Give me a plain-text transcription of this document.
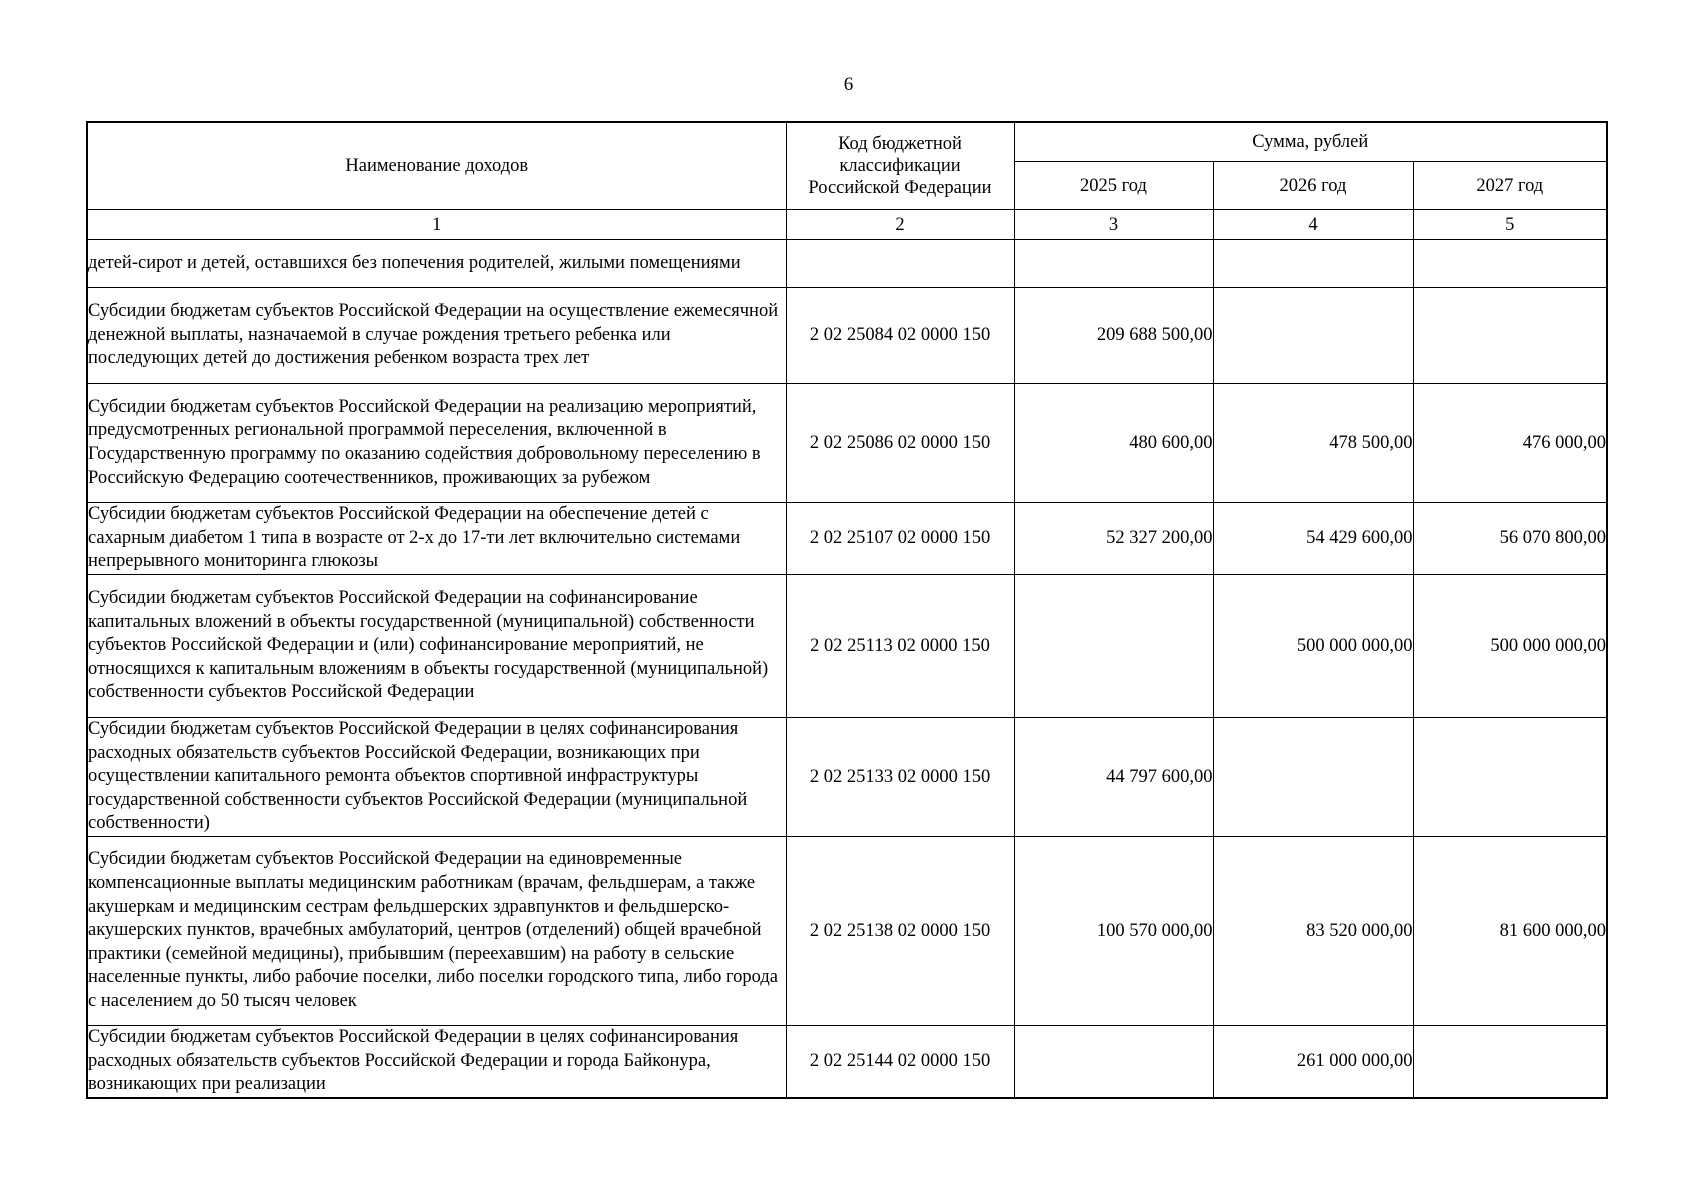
6
Наименование доходов	Код бюджетной классификации Российской Федерации	Сумма, рублей		
		2025 год	2026 год	2027 год
1	2	3	4	5
детей-сирот и детей, оставшихся без попечения родителей, жилыми помещениями				
Субсидии бюджетам субъектов Российской Федерации на осуществление ежемесячной денежной выплаты, назначаемой в случае рождения третьего ребенка или последующих детей до достижения ребенком возраста трех лет	2 02 25084 02 0000 150	209 688 500,00		
Субсидии бюджетам субъектов Российской Федерации на реализацию мероприятий, предусмотренных региональной программой переселения, включенной в Государственную программу по оказанию содействия добровольному переселению в Российскую Федерацию соотечественников, проживающих за рубежом	2 02 25086 02 0000 150	480 600,00	478 500,00	476 000,00
Субсидии бюджетам субъектов Российской Федерации на обеспечение детей с сахарным диабетом 1 типа в возрасте от 2-х до 17-ти лет включительно системами непрерывного мониторинга глюкозы	2 02 25107 02 0000 150	52 327 200,00	54 429 600,00	56 070 800,00
Субсидии бюджетам субъектов Российской Федерации на софинансирование капитальных вложений в объекты государственной (муниципальной) собственности субъектов Российской Федерации и (или) софинансирование мероприятий, не относящихся к капитальным вложениям в объекты государственной (муниципальной) собственности субъектов Российской Федерации	2 02 25113 02 0000 150		500 000 000,00	500 000 000,00
Субсидии бюджетам субъектов Российской Федерации в целях софинансирования расходных обязательств субъектов Российской Федерации, возникающих при осуществлении капитального ремонта объектов спортивной инфраструктуры государственной собственности субъектов Российской Федерации (муниципальной собственности)	2 02 25133 02 0000 150	44 797 600,00		
Субсидии бюджетам субъектов Российской Федерации на единовременные компенсационные выплаты медицинским работникам (врачам, фельдшерам, а также акушеркам и медицинским сестрам фельдшерских здравпунктов и фельдшерско-акушерских пунктов, врачебных амбулаторий, центров (отделений) общей врачебной практики (семейной медицины), прибывшим (переехавшим) на работу в сельские населенные пункты, либо рабочие поселки, либо поселки городского типа, либо города с населением до 50 тысяч человек	2 02 25138 02 0000 150	100 570 000,00	83 520 000,00	81 600 000,00
Субсидии бюджетам субъектов Российской Федерации в целях софинансирования расходных обязательств субъектов Российской Федерации и города Байконура, возникающих при реализации	2 02 25144 02 0000 150		261 000 000,00	
